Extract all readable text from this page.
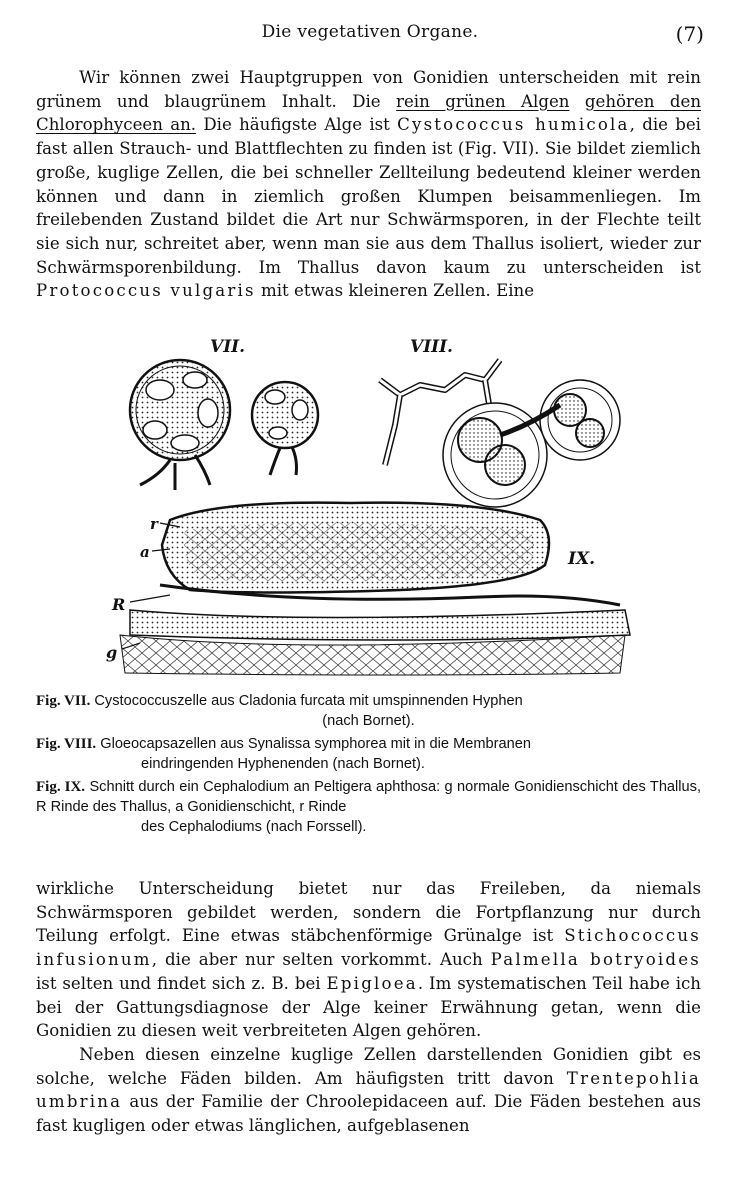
Die vegetativen Organe.	(7)

Wir können zwei Hauptgruppen von Gonidien unterscheiden mit rein grünem und blaugrünem Inhalt. Die rein grünen Algen gehören den Chlorophyceen an. Die häufigste Alge ist Cystococcus humicola, die bei fast allen Strauch- und Blattflechten zu finden ist (Fig. VII). Sie bildet ziemlich große, kuglige Zellen, die bei schneller Zellteilung bedeutend kleiner werden können und dann in ziemlich großen Klumpen beisammenliegen. Im freilebenden Zustand bildet die Art nur Schwärmsporen, in der Flechte teilt sie sich nur, schreitet aber, wenn man sie aus dem Thallus isoliert, wieder zur Schwärmsporenbildung. Im Thallus davon kaum zu unterscheiden ist Protococcus vulgaris mit etwas kleineren Zellen. Eine

VII.	VIII.
IX.
r
a
R
g

Fig. VII. Cystococcuszelle aus Cladonia furcata mit umspinnenden Hyphen
(nach Bornet).

Fig. VIII. Gloeocapsazellen aus Synalissa symphorea mit in die Membranen
eindringenden Hyphenenden (nach Bornet).

Fig. IX. Schnitt durch ein Cephalodium an Peltigera aphthosa: g normale Gonidienschicht des Thallus, R Rinde des Thallus, a Gonidienschicht, r Rinde
des Cephalodiums (nach Forssell).

wirkliche Unterscheidung bietet nur das Freileben, da niemals Schwärmsporen gebildet werden, sondern die Fortpflanzung nur durch Teilung erfolgt. Eine etwas stäbchenförmige Grünalge ist Stichococcus infusionum, die aber nur selten vorkommt. Auch Palmella botryoides ist selten und findet sich z. B. bei Epigloea. Im systematischen Teil habe ich bei der Gattungsdiagnose der Alge keiner Erwähnung getan, wenn die Gonidien zu diesen weit verbreiteten Algen gehören.

Neben diesen einzelne kuglige Zellen darstellenden Gonidien gibt es solche, welche Fäden bilden. Am häufigsten tritt davon Trentepohlia umbrina aus der Familie der Chroolepidaceen auf. Die Fäden bestehen aus fast kugligen oder etwas länglichen, aufgeblasenen
